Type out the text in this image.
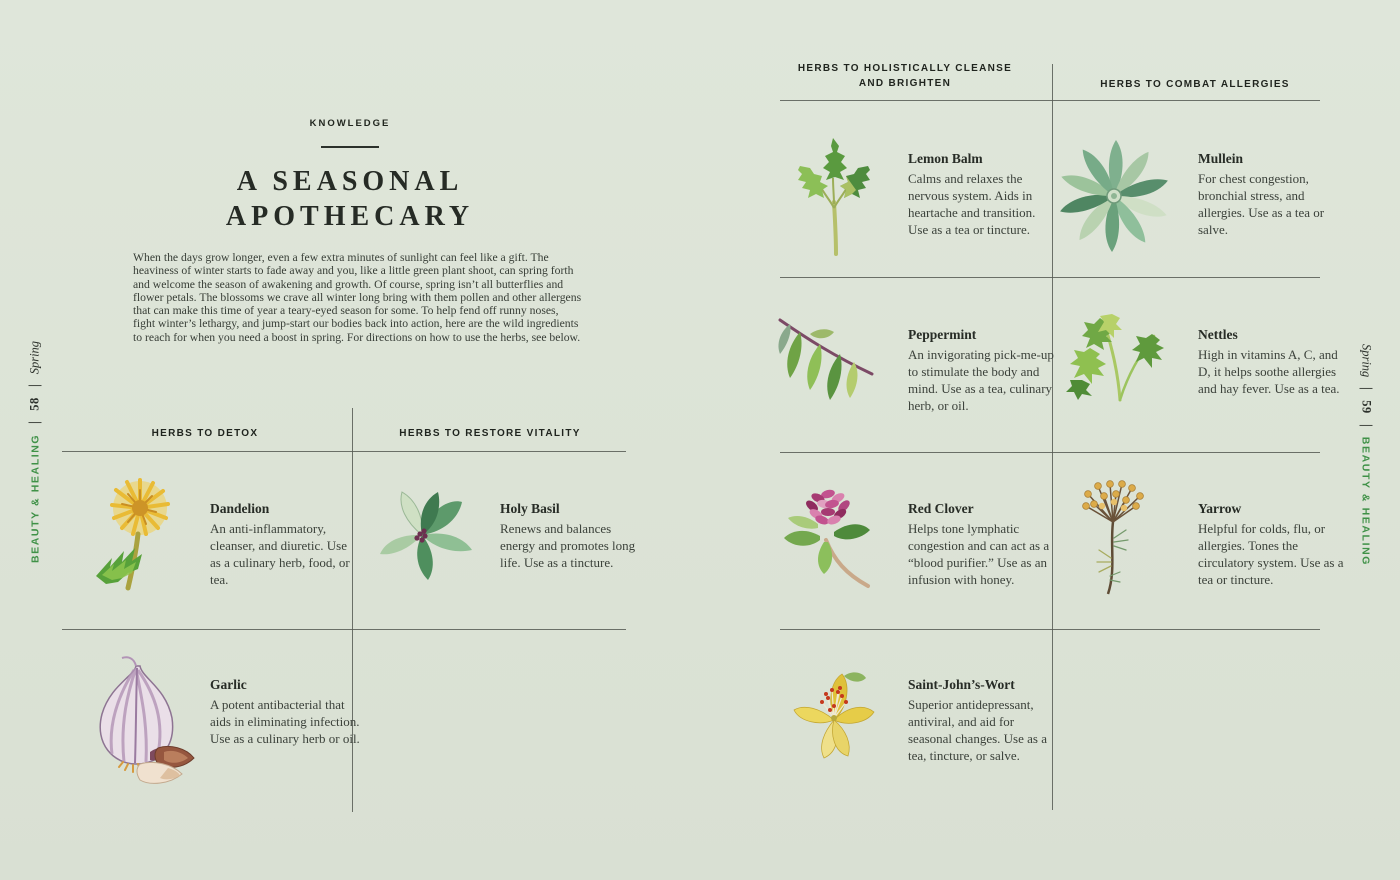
BEAUTY & HEALING
58
Spring
KNOWLEDGE
A SEASONAL
APOTHECARY
When the days grow longer, even a few extra minutes of sunlight can feel like a gift. The heaviness of winter starts to fade away and you, like a little green plant shoot, can spring forth and welcome the season of awakening and growth. Of course, spring isn’t all butterflies and flower petals. The blossoms we crave all winter long bring with them pollen and other allergens that can make this time of year a teary-eyed season for some. To help fend off runny noses, fight winter’s lethargy, and jump-start our bodies back into action, here are the wild ingredients to reach for when you need a boost in spring. For directions on how to use the herbs, see below.
HERBS TO DETOX	HERBS TO RESTORE VITALITY
Dandelion
An anti-inflammatory, cleanser, and diuretic. Use as a culinary herb, food, or tea.
Holy Basil
Renews and balances energy and promotes long life. Use as a tincture.
Garlic
A potent antibacterial that aids in eliminating infection. Use as a culinary herb or oil.
Spring
59
BEAUTY & HEALING
HERBS TO HOLISTICALLY CLEANSE
AND BRIGHTEN	HERBS TO COMBAT ALLERGIES
Lemon Balm
Calms and relaxes the nervous system. Aids in heartache and transition. Use as a tea or tincture.
Mullein
For chest congestion, bronchial stress, and allergies. Use as a tea or salve.
Peppermint
An invigorating pick-me-up to stimulate the body and mind. Use as a tea, culinary herb, or oil.
Nettles
High in vitamins A, C, and D, it helps soothe allergies and hay fever. Use as a tea.
Red Clover
Helps tone lymphatic congestion and can act as a “blood purifier.” Use as an infusion with honey.
Yarrow
Helpful for colds, flu, or allergies. Tones the circulatory system. Use as a tea or tincture.
Saint-John’s-Wort
Superior antidepressant, antiviral, and aid for seasonal changes. Use as a tea, tincture, or salve.
